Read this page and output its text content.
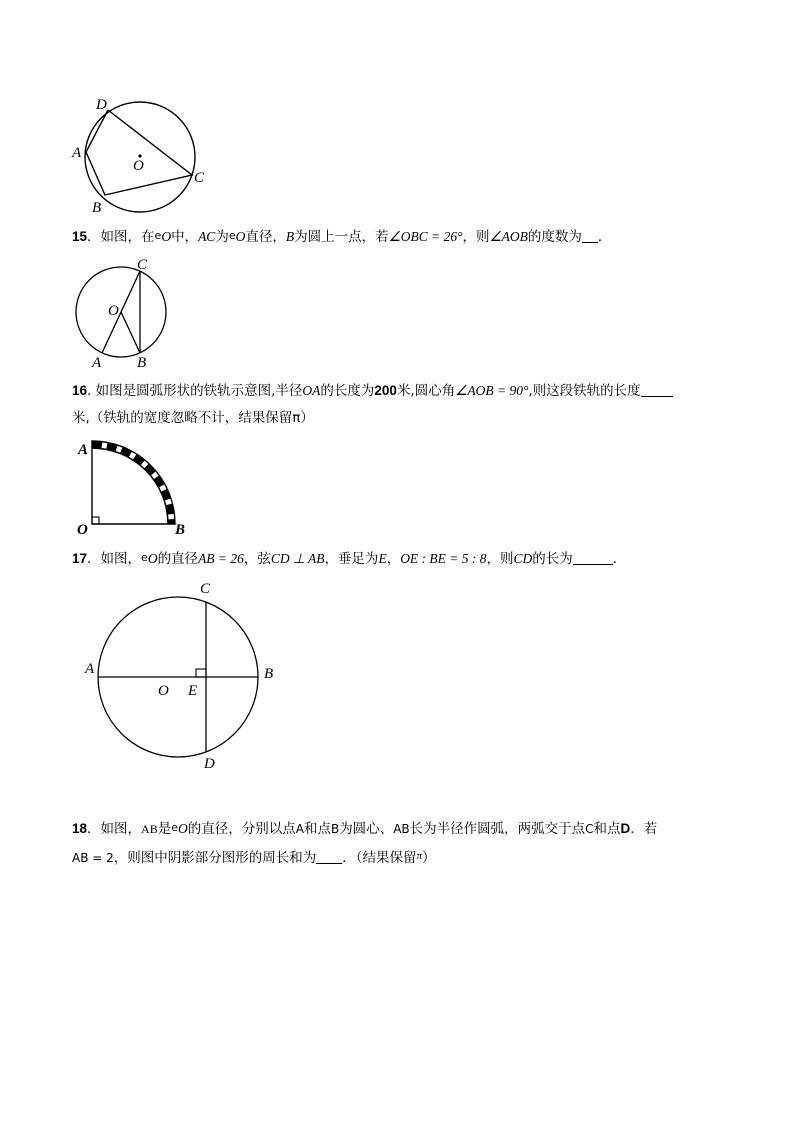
D
A
O
C
B
15．如图，在eO中，AC为eO直径，B为圆上一点，若∠OBC = 26°，则∠AOB的度数为 ．
C
O
A B
16. 如图是圆弧形状的铁轨示意图,半径OA的长度为200米,圆心角∠AOB = 90°,则这段铁轨的长度
米,（铁轨的宽度忽略不计，结果保留π）
A
O	B
17．如图，eO的直径AB = 26，弦CD ⊥ AB，垂足为E，OE : BE = 5 : 8，则CD的长为	．
C
A	B
O E
D
18．如图，AB是eO的直径，分别以点A和点B为圆心、AB长为半径作圆弧，两弧交于点C和点D．若
AB = 2，则图中阴影部分图形的周长和为 ．（结果保留$^\pi$）
